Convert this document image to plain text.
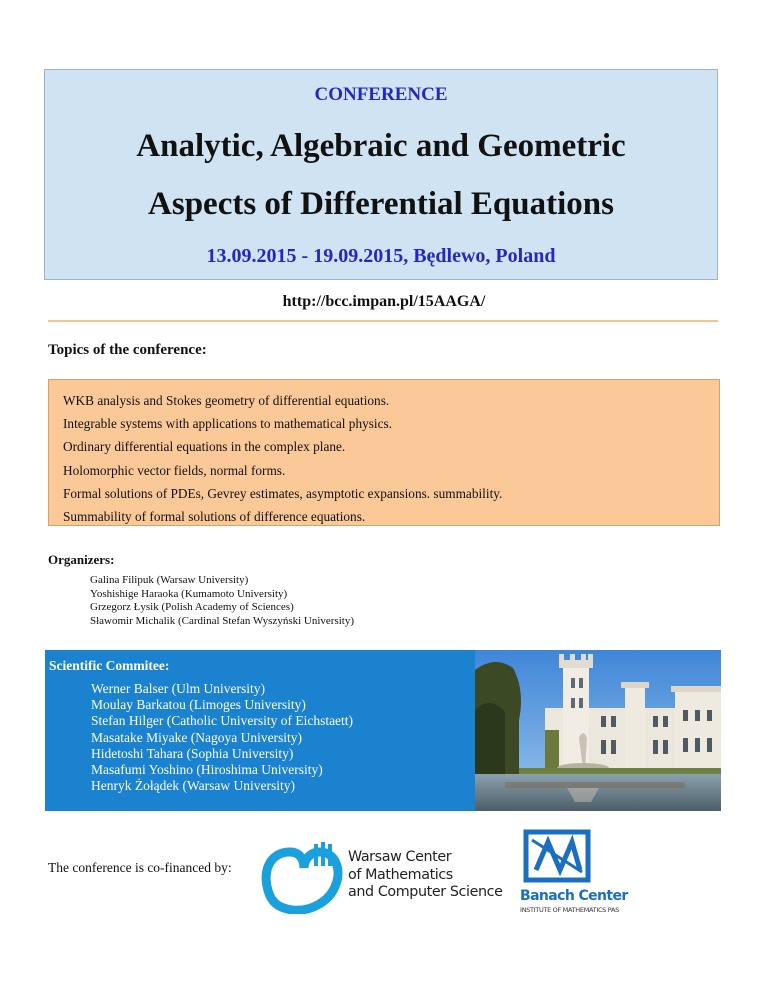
CONFERENCE
Analytic, Algebraic and Geometric
Aspects of Differential Equations
13.09.2015 - 19.09.2015, Będlewo, Poland
http://bcc.impan.pl/15AAGA/
Topics of the conference:
WKB analysis and Stokes geometry of differential equations.
Integrable systems with applications to mathematical physics.
Ordinary differential equations in the complex plane.
Holomorphic vector fields, normal forms.
Formal solutions of PDEs, Gevrey estimates, asymptotic expansions. summability.
Summability of formal solutions of difference equations.
Organizers:
Galina Filipuk (Warsaw University)
Yoshishige Haraoka (Kumamoto University)
Grzegorz Łysik (Polish Academy of Sciences)
Sławomir Michalik (Cardinal Stefan Wyszyński University)
Scientific Commitee:
Werner Balser (Ulm University)
Moulay Barkatou (Limoges University)
Stefan Hilger (Catholic University of Eichstaett)
Masatake Miyake (Nagoya University)
Hidetoshi Tahara (Sophia University)
Masafumi Yoshino (Hiroshima University)
Henryk Żołądek (Warsaw University)
The conference is co-financed by:
Warsaw Center
of Mathematics
and Computer Science Banach Center
INSTITUTE OF MATHEMATICS PAS
